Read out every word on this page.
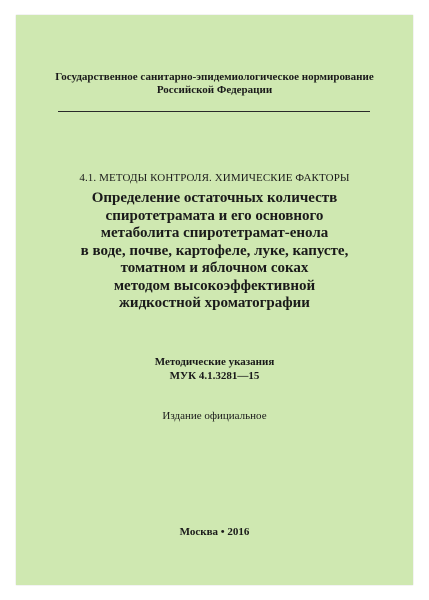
Государственное санитарно-эпидемиологическое нормирование
Российской Федерации
4.1. МЕТОДЫ КОНТРОЛЯ. ХИМИЧЕСКИЕ ФАКТОРЫ
Определение остаточных количеств
спиротетрамата и его основного
метаболита спиротетрамат-енола
в воде, почве, картофеле, луке, капусте,
томатном и яблочном соках
методом высокоэффективной
жидкостной хроматографии
Методические указания
МУК 4.1.3281—15
Издание официальное
Москва • 2016
